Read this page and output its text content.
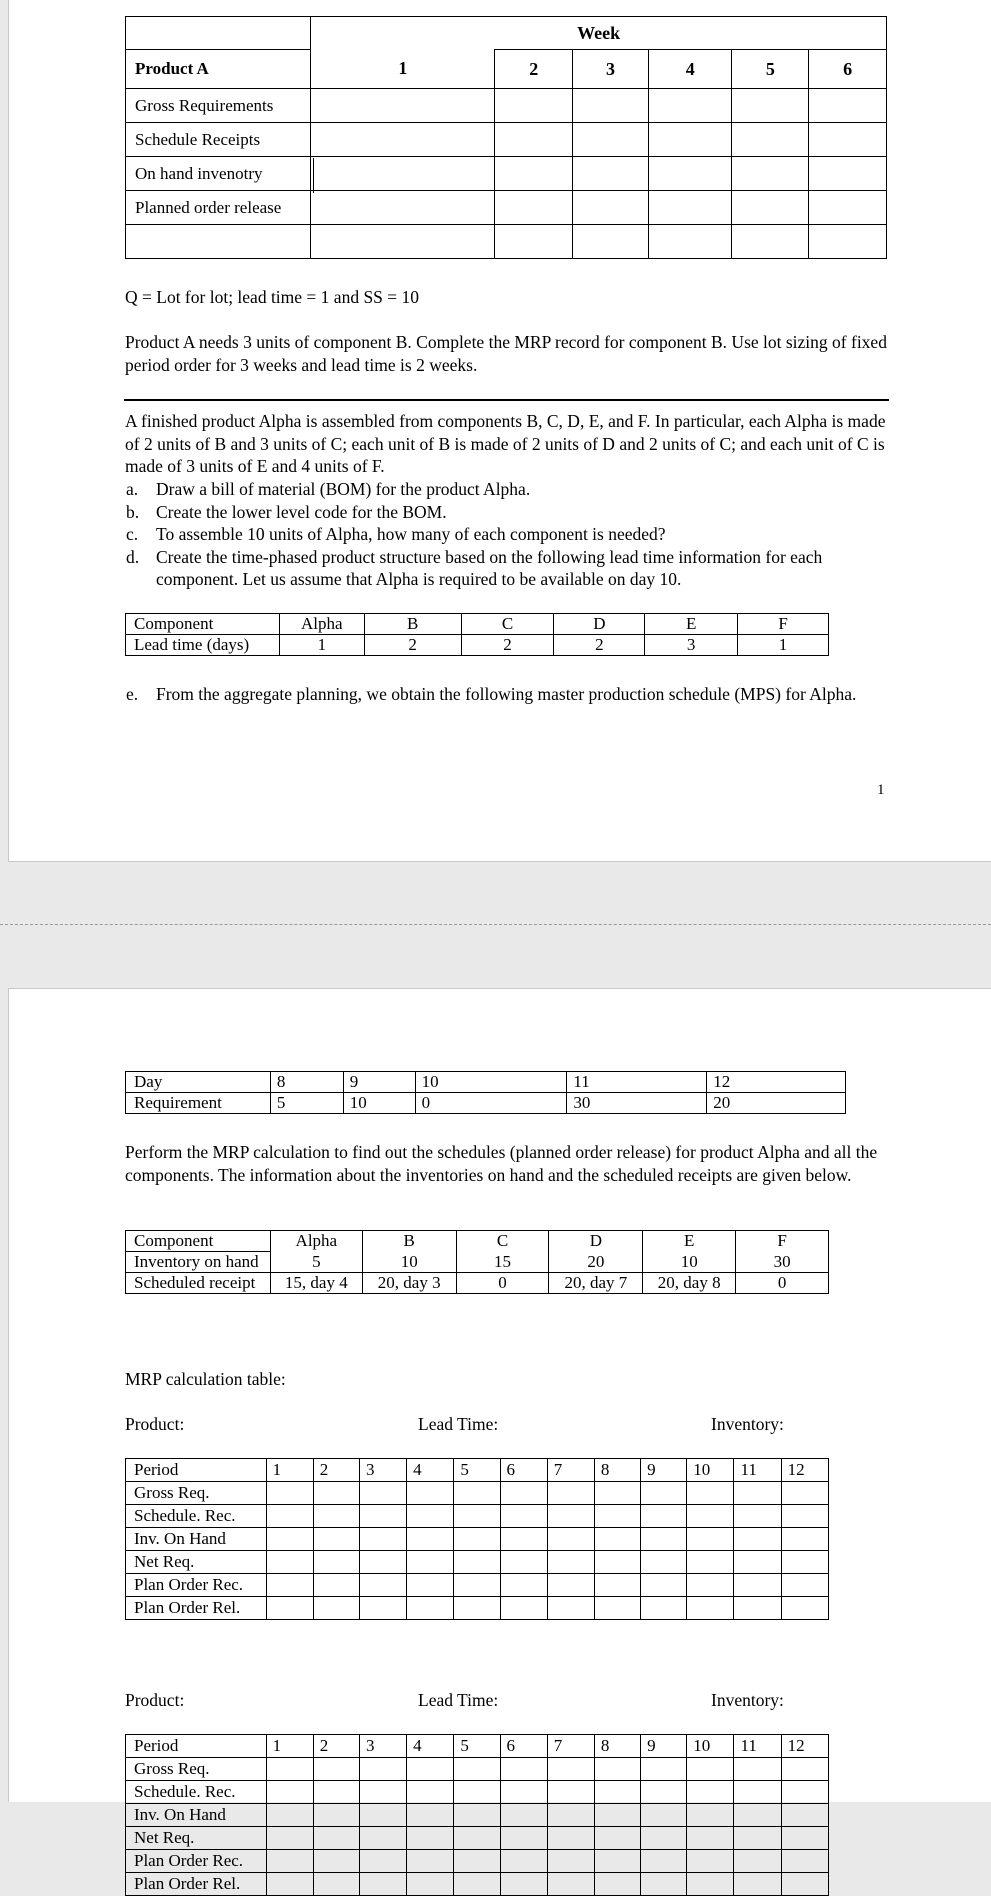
	Week					
Product A	1	2	3	4	5	6
Gross Requirements						
Schedule Receipts						
On hand invenotry						
Planned order release						

Q = Lot for lot; lead time = 1 and SS = 10

Product A needs 3 units of component B. Complete the MRP record for component B. Use lot sizing of fixed period order for 3 weeks and lead time is 2 weeks.

A finished product Alpha is assembled from components B, C, D, E, and F. In particular, each Alpha is made of 2 units of B and 3 units of C; each unit of B is made of 2 units of D and 2 units of C; and each unit of C is made of 3 units of E and 4 units of F.

a. Draw a bill of material (BOM) for the product Alpha.
b. Create the lower level code for the BOM.
c. To assemble 10 units of Alpha, how many of each component is needed?
d. Create the time-phased product structure based on the following lead time information for each component. Let us assume that Alpha is required to be available on day 10.
Component	Alpha	B	C	D	E	F
Lead time (days)	1	2	2	2	3	1
e. From the aggregate planning, we obtain the following master production schedule (MPS) for Alpha.
1
Day	8	9	10	11	12
Requirement	5	10	0	30	20

Perform the MRP calculation to find out the schedules (planned order release) for product Alpha and all the components. The information about the inventories on hand and the scheduled receipts are given below.

Component	Alpha	B	C	D	E	F
Inventory on hand	5	10	15	20	10	30
Scheduled receipt	15, day 4	20, day 3	0	20, day 7	20, day 8	0
MRP calculation table:
Product:	Lead Time:	Inventory:
Period	1	2	3	4	5	6	7	8	9	10	11	12
Gross Req.												
Schedule. Rec.												
Inv. On Hand												
Net Req.												
Plan Order Rec.												
Plan Order Rel.												
Product:	Lead Time:	Inventory:
Period	1	2	3	4	5	6	7	8	9	10	11	12
Gross Req.												
Schedule. Rec.												
Inv. On Hand												
Net Req.												
Plan Order Rec.												
Plan Order Rel.												
